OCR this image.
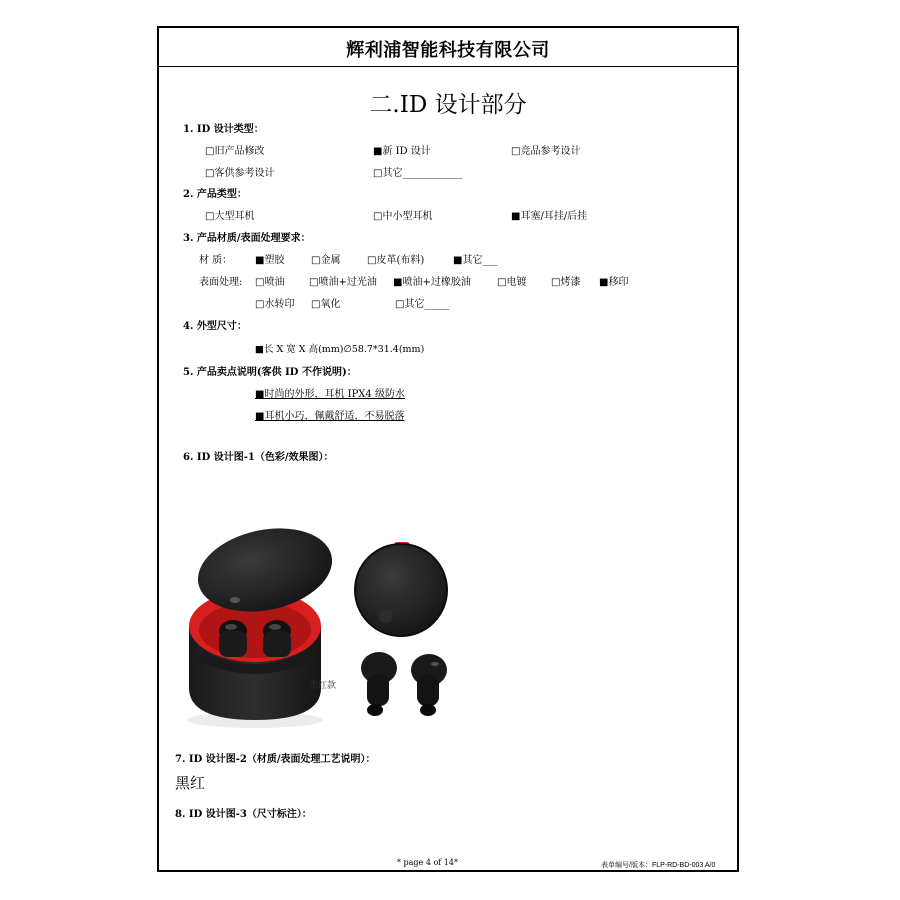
辉利浦智能科技有限公司
二.ID 设计部分
1. ID 设计类型：
□旧产品修改	■新 ID 设计	□竞品参考设计
□客供参考设计	□其它____________
2. 产品类型：
□大型耳机	□中小型耳机	■耳塞/耳挂/后挂
3. 产品材质/表面处理要求：
材 质： ■塑胶	□金属	□皮革(布料)	■其它___
表面处理: □喷油 □喷油+过光油 ■喷油+过橡胶油	□电镀 □烤漆 ■移印
□水转印 □氧化	□其它_____
4. 外型尺寸：
■长 X 宽 X 高(mm)∅58.7*31.4(mm)
5. 产品卖点说明(客供 ID 不作说明)：
■时尚的外形，耳机 IPX4 级防水
■耳机小巧，佩戴舒适，不易脱落
6. ID 设计图-1（色彩/效果图）：
黑红款
7. ID 设计图-2（材质/表面处理工艺说明）：
黑红
8. ID 设计图-3（尺寸标注）：
* page 4 of 14*	表单编号/版本：FLP-RD-BD-003 A/0
